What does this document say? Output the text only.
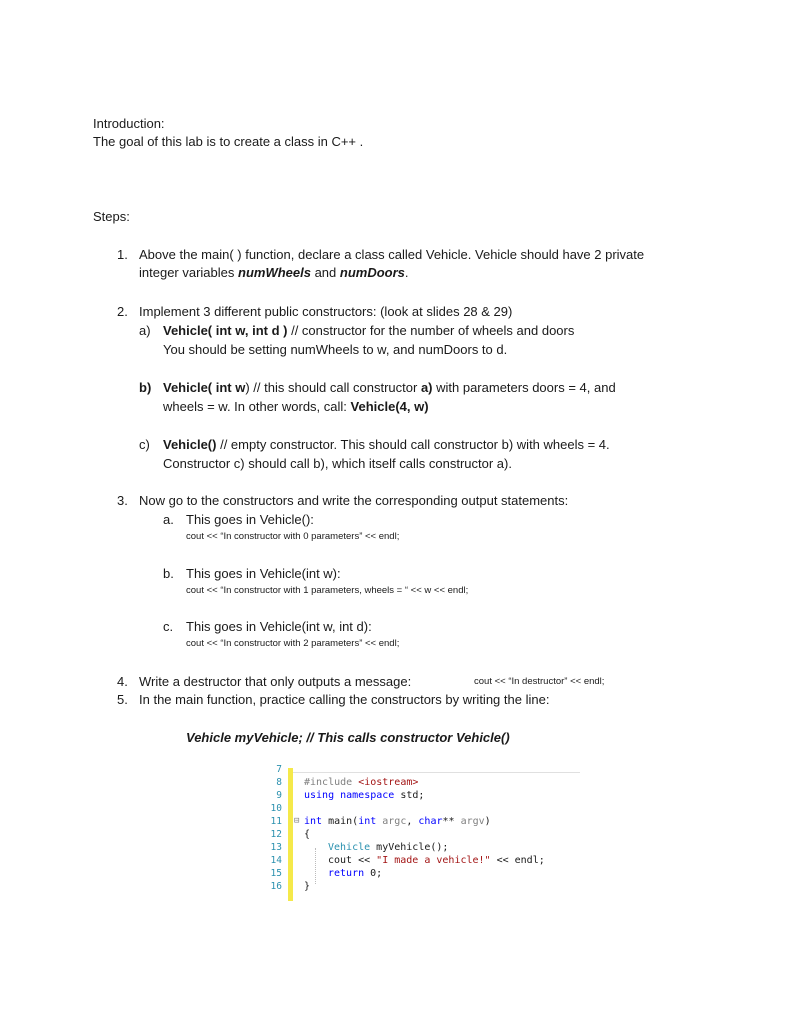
Introduction:
The goal of this lab is to create a class in C++ .
Steps:
1. Above the main( ) function, declare a class called Vehicle. Vehicle should have 2 private
integer variables numWheels and numDoors.
2. Implement 3 different public constructors: (look at slides 28 & 29)
a) Vehicle( int w, int d ) // constructor for the number of wheels and doors
You should be setting numWheels to w, and numDoors to d.
b) Vehicle( int w) // this should call constructor a) with parameters doors = 4, and
wheels = w. In other words, call: Vehicle(4, w)
c) Vehicle() // empty constructor. This should call constructor b) with wheels = 4.
Constructor c) should call b), which itself calls constructor a).
3. Now go to the constructors and write the corresponding output statements:
a. This goes in Vehicle():
cout << “In constructor with 0 parameters” << endl;
b. This goes in Vehicle(int w):
cout << “In constructor with 1 parameters, wheels = “ << w << endl;
c. This goes in Vehicle(int w, int d):
cout << “In constructor with 2 parameters” << endl;
4. Write a destructor that only outputs a message:	cout << “In destructor” << endl;
5. In the main function, practice calling the constructors by writing the line:
Vehicle myVehicle; // This calls constructor Vehicle()
7
8
9
10
11
12
13
14
15
16
#include <iostream>
using namespace std;
⊟ int main(int argc, char** argv)
{
Vehicle myVehicle();
cout << "I made a vehicle!" << endl;
return 0;
}
